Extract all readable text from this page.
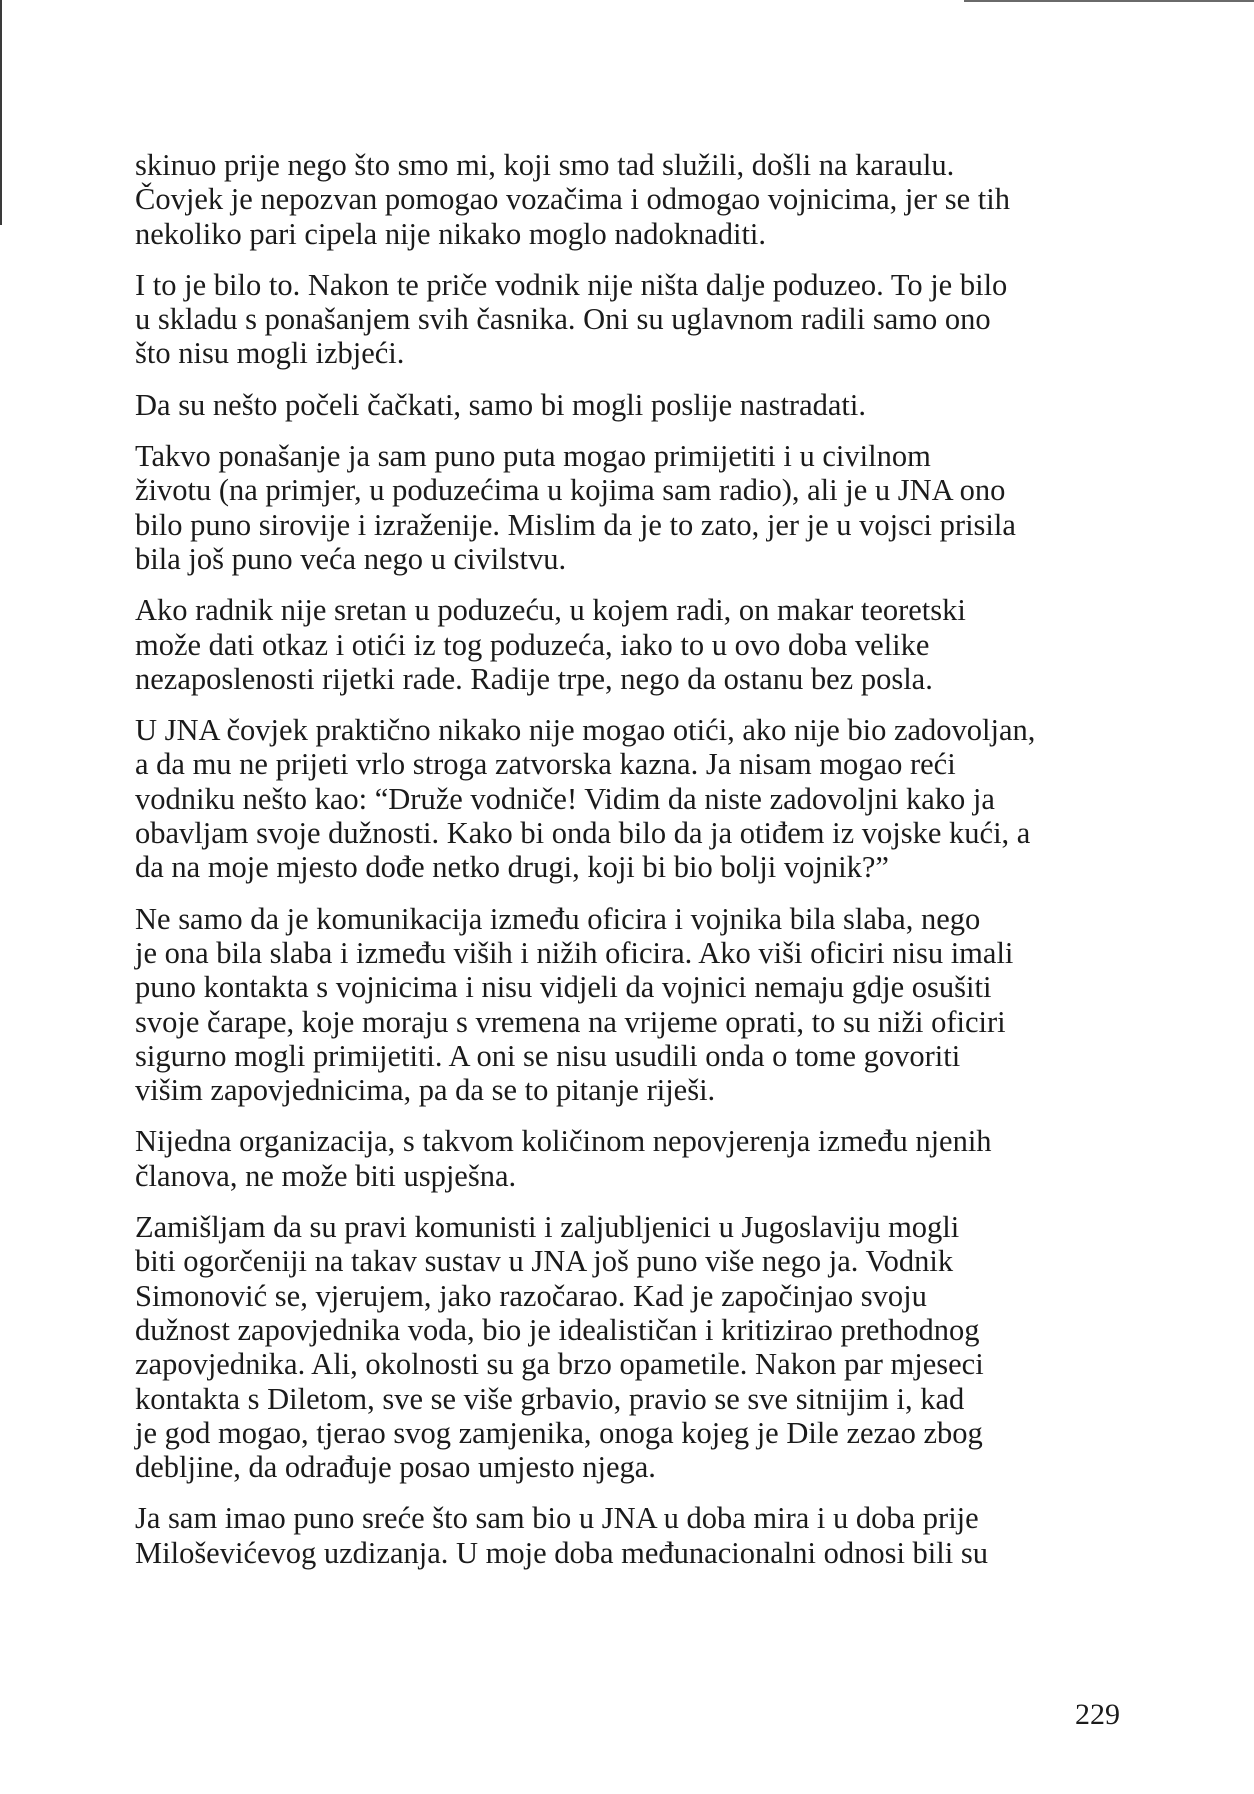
skinuo prije nego što smo mi, koji smo tad služili, došli na karaulu.
Čovjek je nepozvan pomogao vozačima i odmogao vojnicima, jer se tih
nekoliko pari cipela nije nikako moglo nadoknaditi.
I to je bilo to. Nakon te priče vodnik nije ništa dalje poduzeo. To je bilo
u skladu s ponašanjem svih časnika. Oni su uglavnom radili samo ono
što nisu mogli izbjeći.
Da su nešto počeli čačkati, samo bi mogli poslije nastradati.
Takvo ponašanje ja sam puno puta mogao primijetiti i u civilnom
životu (na primjer, u poduzećima u kojima sam radio), ali je u JNA ono
bilo puno sirovije i izraženije. Mislim da je to zato, jer je u vojsci prisila
bila još puno veća nego u civilstvu.
Ako radnik nije sretan u poduzeću, u kojem radi, on makar teoretski
može dati otkaz i otići iz tog poduzeća, iako to u ovo doba velike
nezaposlenosti rijetki rade. Radije trpe, nego da ostanu bez posla.
U JNA čovjek praktično nikako nije mogao otići, ako nije bio zadovoljan,
a da mu ne prijeti vrlo stroga zatvorska kazna. Ja nisam mogao reći
vodniku nešto kao: “Druže vodniče! Vidim da niste zadovoljni kako ja
obavljam svoje dužnosti. Kako bi onda bilo da ja otiđem iz vojske kući, a
da na moje mjesto dođe netko drugi, koji bi bio bolji vojnik?”
Ne samo da je komunikacija između oficira i vojnika bila slaba, nego
je ona bila slaba i između viših i nižih oficira. Ako viši oficiri nisu imali
puno kontakta s vojnicima i nisu vidjeli da vojnici nemaju gdje osušiti
svoje čarape, koje moraju s vremena na vrijeme oprati, to su niži oficiri
sigurno mogli primijetiti. A oni se nisu usudili onda o tome govoriti
višim zapovjednicima, pa da se to pitanje riješi.
Nijedna organizacija, s takvom količinom nepovjerenja između njenih
članova, ne može biti uspješna.
Zamišljam da su pravi komunisti i zaljubljenici u Jugoslaviju mogli
biti ogorčeniji na takav sustav u JNA još puno više nego ja. Vodnik
Simonović se, vjerujem, jako razočarao. Kad je započinjao svoju
dužnost zapovjednika voda, bio je idealističan i kritizirao prethodnog
zapovjednika. Ali, okolnosti su ga brzo opametile. Nakon par mjeseci
kontakta s Diletom, sve se više grbavio, pravio se sve sitnijim i, kad
je god mogao, tjerao svog zamjenika, onoga kojeg je Dile zezao zbog
debljine, da odrađuje posao umjesto njega.
Ja sam imao puno sreće što sam bio u JNA u doba mira i u doba prije
Miloševićevog uzdizanja. U moje doba međunacionalni odnosi bili su
229
